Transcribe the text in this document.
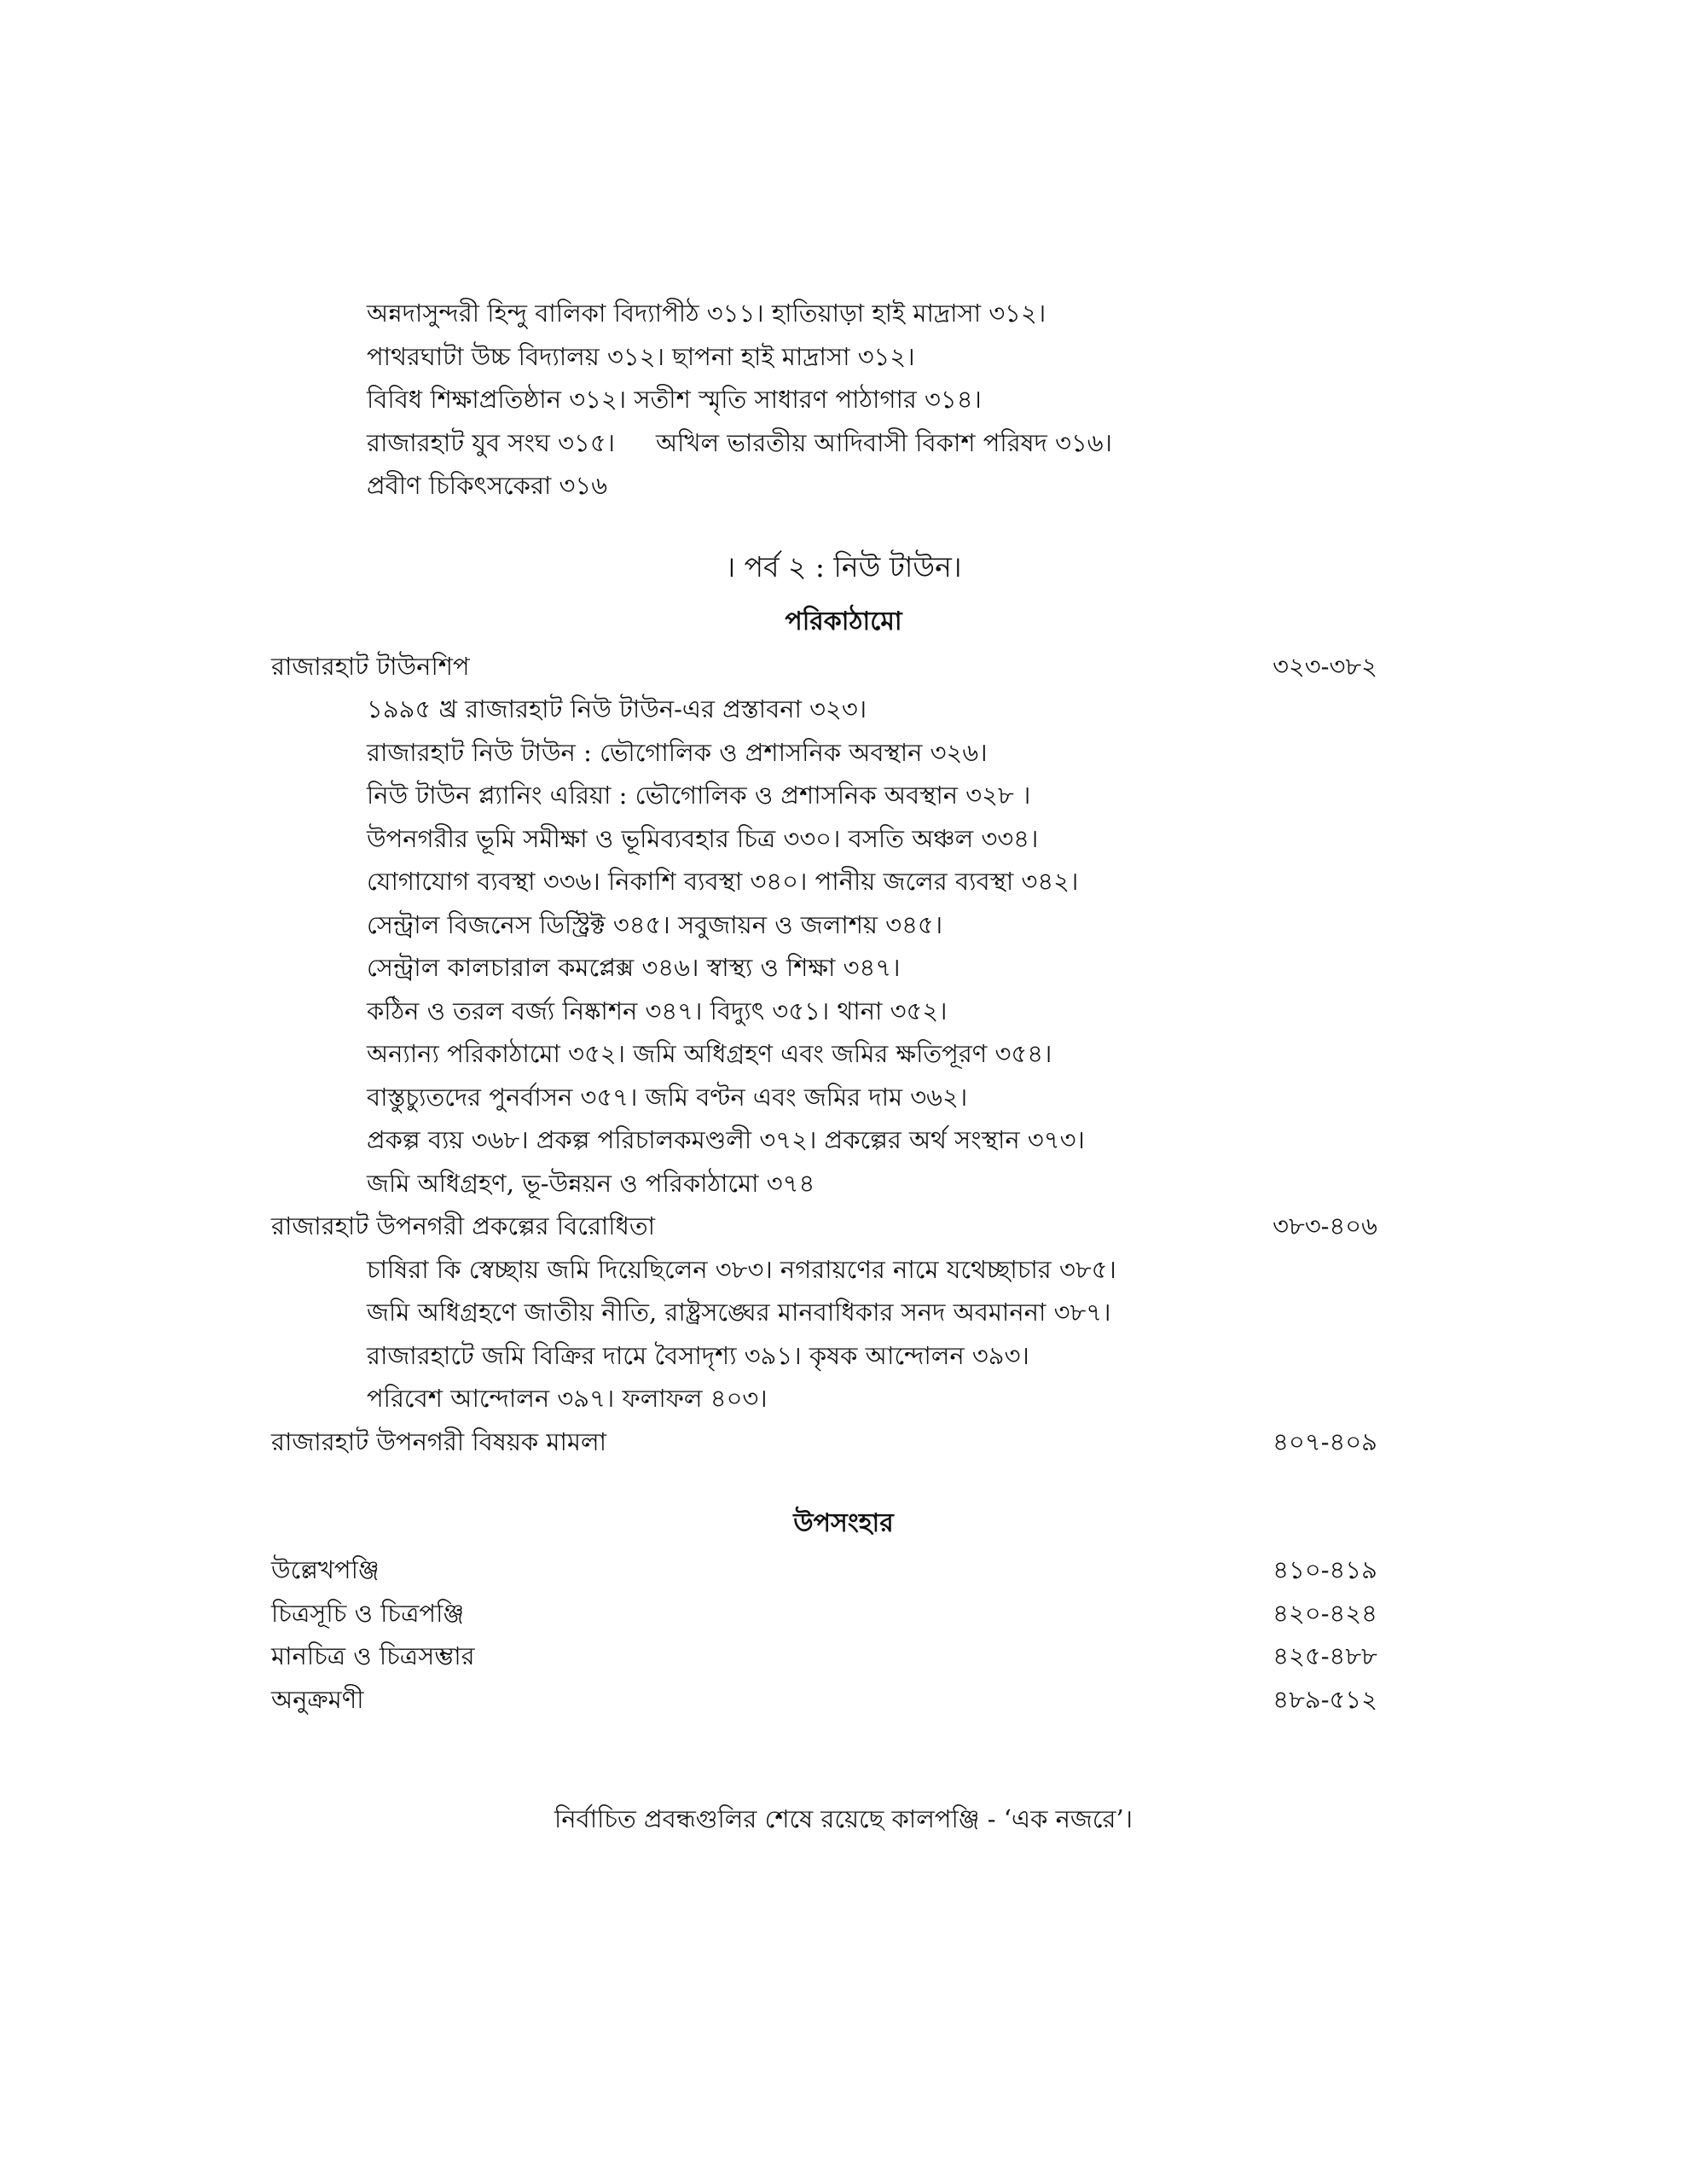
অন্নদাসুন্দরী হিন্দু বালিকা বিদ্যাপীঠ ৩১১। হাতিয়াড়া হাই মাদ্রাসা ৩১২।
পাথরঘাটা উচ্চ বিদ্যালয় ৩১২। ছাপনা হাই মাদ্রাসা ৩১২।
বিবিধ শিক্ষাপ্রতিষ্ঠান ৩১২। সতীশ স্মৃতি সাধারণ পাঠাগার ৩১৪।
রাজারহাট যুব সংঘ ৩১৫। অখিল ভারতীয় আদিবাসী বিকাশ পরিষদ ৩১৬।
প্রবীণ চিকিৎসকেরা ৩১৬
। পর্ব ২ : নিউ টাউন।
পরিকাঠামো
রাজারহাট টাউনশিপ	৩২৩-৩৮২
১৯৯৫ খ্র রাজারহাট নিউ টাউন-এর প্রস্তাবনা ৩২৩।
রাজারহাট নিউ টাউন : ভৌগোলিক ও প্রশাসনিক অবস্থান ৩২৬।
নিউ টাউন প্ল্যানিং এরিয়া : ভৌগোলিক ও প্রশাসনিক অবস্থান ৩২৮ ।
উপনগরীর ভূমি সমীক্ষা ও ভূমিব্যবহার চিত্র ৩৩০। বসতি অঞ্চল ৩৩৪।
যোগাযোগ ব্যবস্থা ৩৩৬। নিকাশি ব্যবস্থা ৩৪০। পানীয় জলের ব্যবস্থা ৩৪২।
সেন্ট্রাল বিজনেস ডিস্ট্রিক্ট ৩৪৫। সবুজায়ন ও জলাশয় ৩৪৫।
সেন্ট্রাল কালচারাল কমপ্লেক্স ৩৪৬। স্বাস্থ্য ও শিক্ষা ৩৪৭।
কঠিন ও তরল বর্জ্য নিষ্কাশন ৩৪৭। বিদ্যুৎ ৩৫১। থানা ৩৫২।
অন্যান্য পরিকাঠামো ৩৫২। জমি অধিগ্রহণ এবং জমির ক্ষতিপূরণ ৩৫৪।
বাস্তুচ্যুতদের পুনর্বাসন ৩৫৭। জমি বণ্টন এবং জমির দাম ৩৬২।
প্রকল্প ব্যয় ৩৬৮। প্রকল্প পরিচালকমণ্ডলী ৩৭২। প্রকল্পের অর্থ সংস্থান ৩৭৩।
জমি অধিগ্রহণ, ভূ-উন্নয়ন ও পরিকাঠামো ৩৭৪
রাজারহাট উপনগরী প্রকল্পের বিরোধিতা	৩৮৩-৪০৬
চাষিরা কি স্বেচ্ছায় জমি দিয়েছিলেন ৩৮৩। নগরায়ণের নামে যথেচ্ছাচার ৩৮৫।
জমি অধিগ্রহণে জাতীয় নীতি, রাষ্ট্রসঙ্ঘের মানবাধিকার সনদ অবমাননা ৩৮৭।
রাজারহাটে জমি বিক্রির দামে বৈসাদৃশ্য ৩৯১। কৃষক আন্দোলন ৩৯৩।
পরিবেশ আন্দোলন ৩৯৭। ফলাফল ৪০৩।
রাজারহাট উপনগরী বিষয়ক মামলা	৪০৭-৪০৯
উপসংহার
উল্লেখপঞ্জি	৪১০-৪১৯
চিত্রসূচি ও চিত্রপঞ্জি	৪২০-৪২৪
মানচিত্র ও চিত্রসম্ভার	৪২৫-৪৮৮
অনুক্রমণী	৪৮৯-৫১২
নির্বাচিত প্রবন্ধগুলির শেষে রয়েছে কালপঞ্জি - ‘এক নজরে’।
